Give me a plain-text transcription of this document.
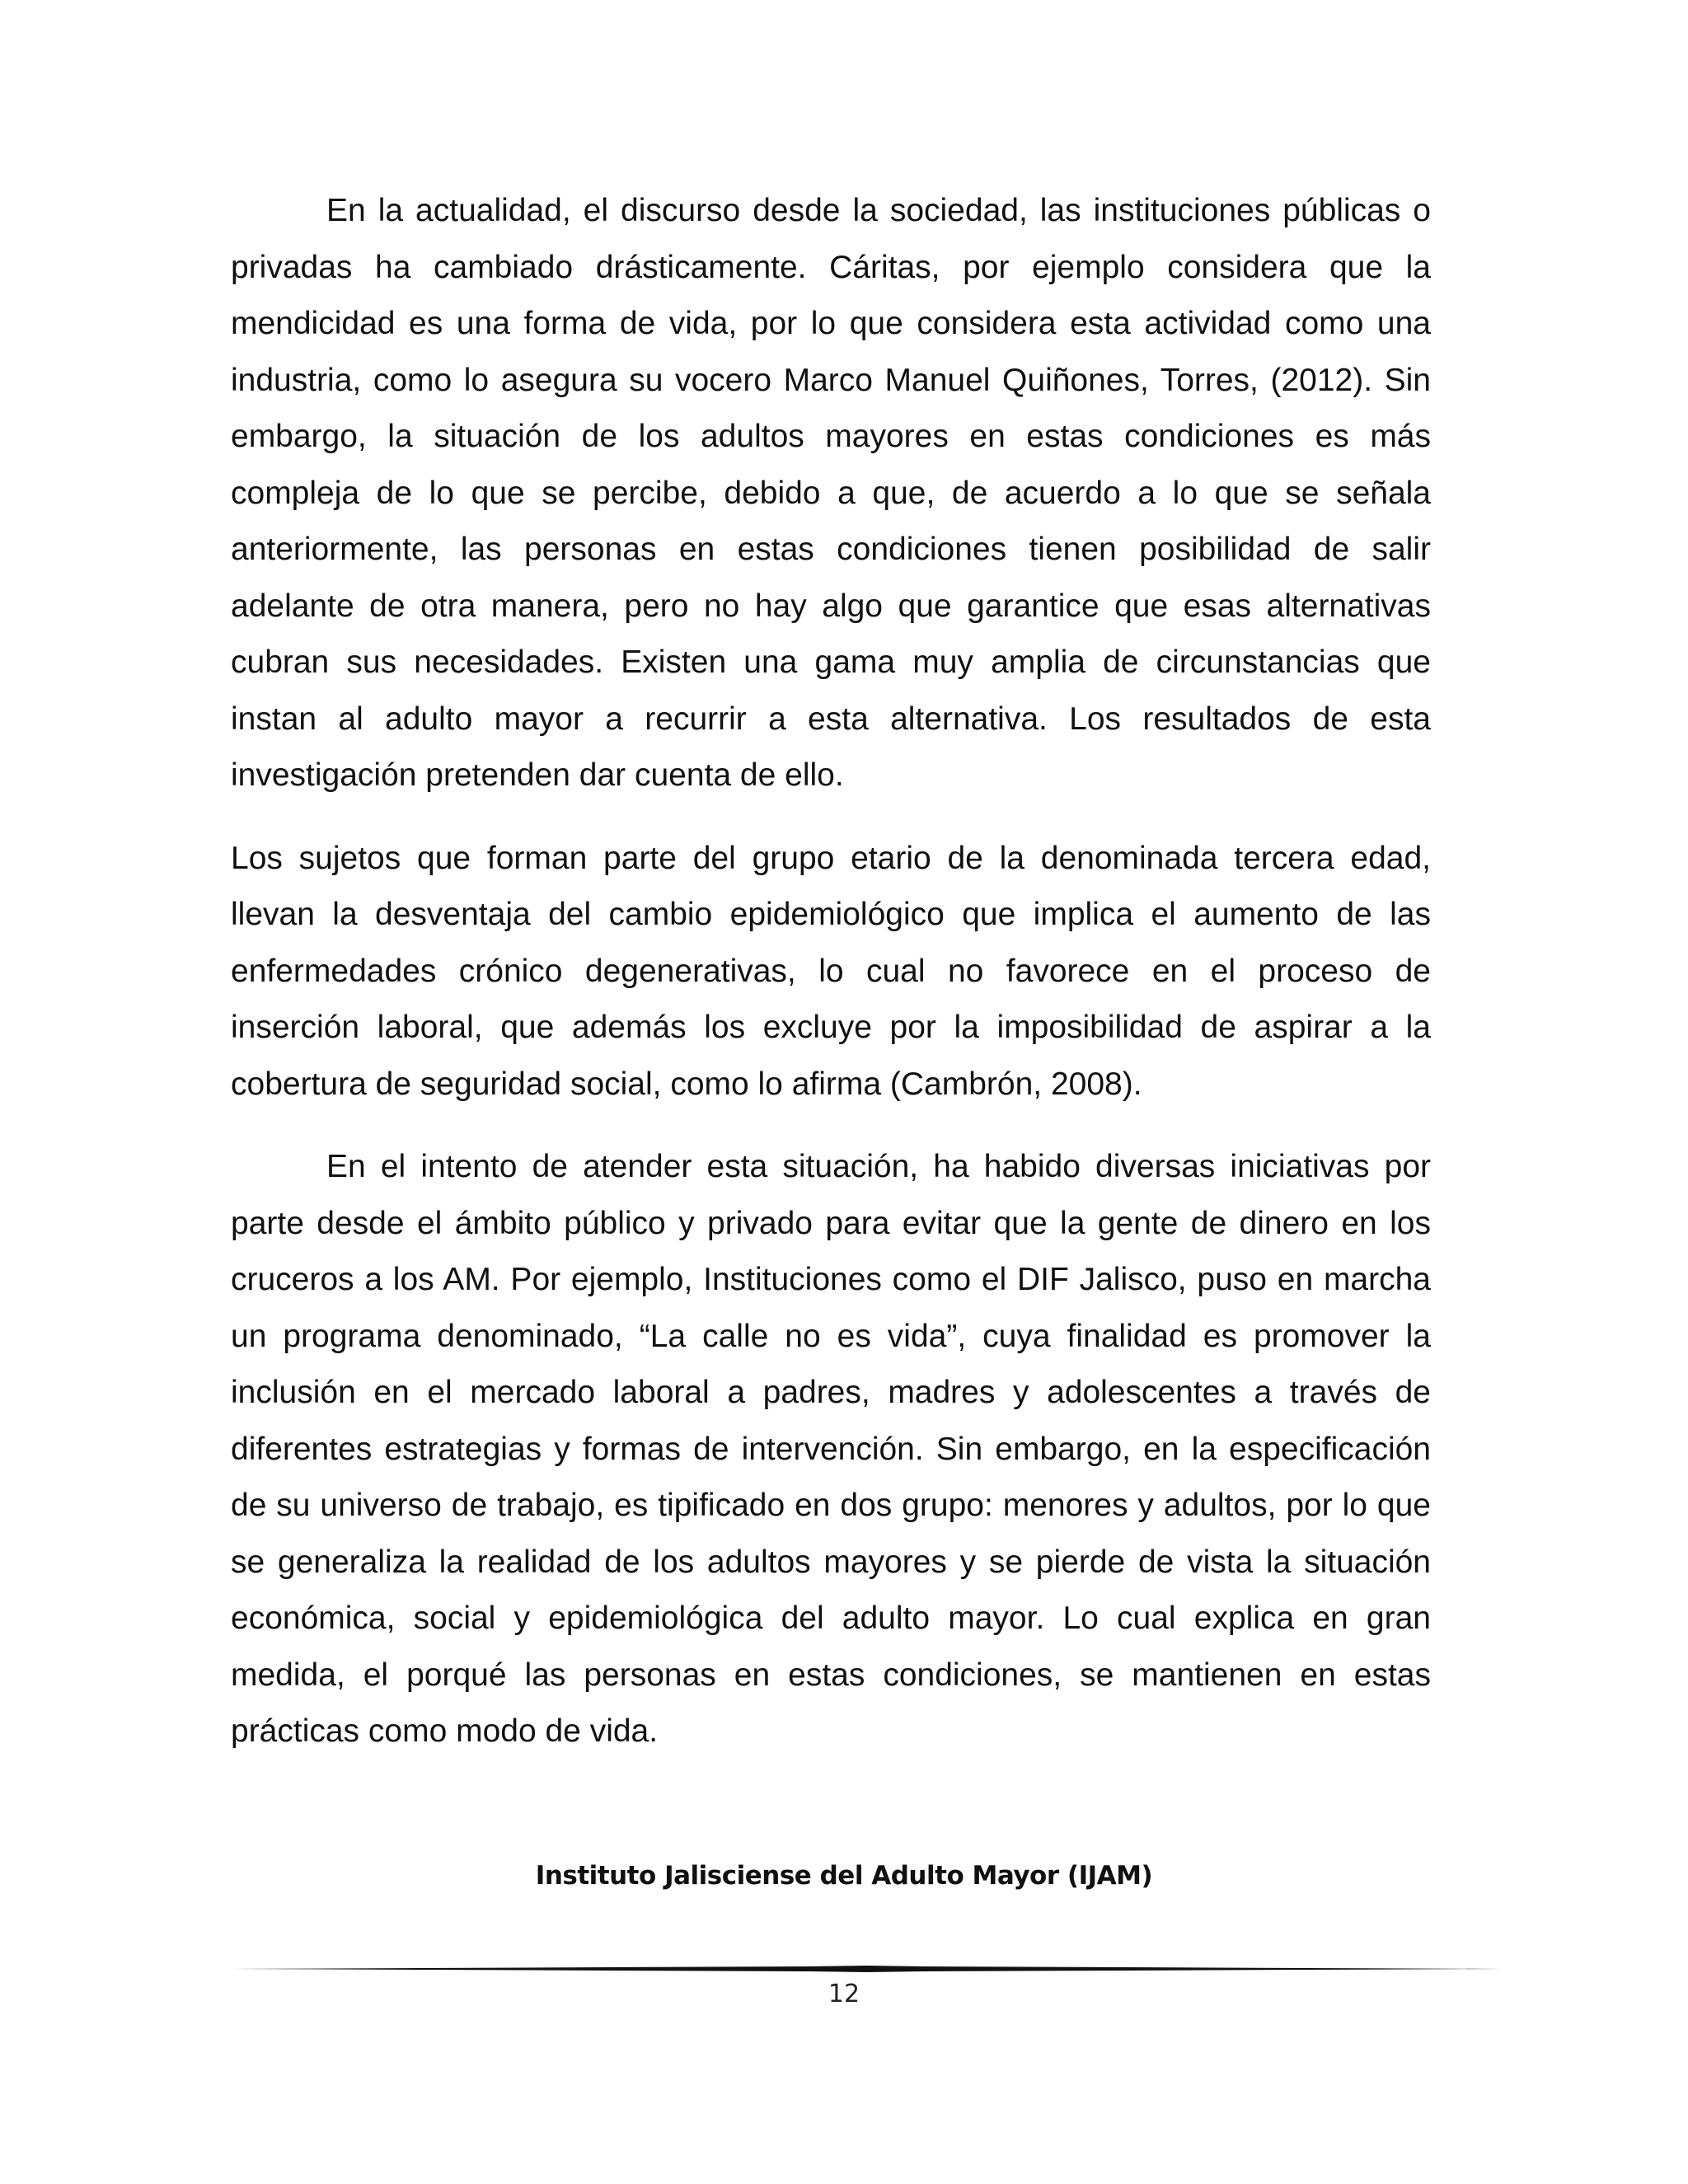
En la actualidad, el discurso desde la sociedad, las instituciones públicas o privadas ha cambiado drásticamente. Cáritas, por ejemplo considera que la mendicidad es una forma de vida, por lo que considera esta actividad como una industria, como lo asegura su vocero Marco Manuel Quiñones, Torres, (2012). Sin embargo, la situación de los adultos mayores en estas condiciones es más compleja de lo que se percibe, debido a que, de acuerdo a lo que se señala anteriormente, las personas en estas condiciones tienen posibilidad de salir adelante de otra manera, pero no hay algo que garantice que esas alternativas cubran sus necesidades. Existen una gama muy amplia de circunstancias que instan al adulto mayor a recurrir a esta alternativa. Los resultados de esta investigación pretenden dar cuenta de ello.

Los sujetos que forman parte del grupo etario de la denominada tercera edad, llevan la desventaja del cambio epidemiológico que implica el aumento de las enfermedades crónico degenerativas, lo cual no favorece en el proceso de inserción laboral, que además los excluye por la imposibilidad de aspirar a la cobertura de seguridad social, como lo afirma (Cambrón, 2008).

En el intento de atender esta situación, ha habido diversas iniciativas por parte desde el ámbito público y privado para evitar que la gente de dinero en los cruceros a los AM. Por ejemplo, Instituciones como el DIF Jalisco, puso en marcha un programa denominado, “La calle no es vida”, cuya finalidad es promover la inclusión en el mercado laboral a padres, madres y adolescentes a través de diferentes estrategias y formas de intervención. Sin embargo, en la especificación de su universo de trabajo, es tipificado en dos grupo: menores y adultos, por lo que se generaliza la realidad de los adultos mayores y se pierde de vista la situación económica, social y epidemiológica del adulto mayor. Lo cual explica en gran medida, el porqué las personas en estas condiciones, se mantienen en estas prácticas como modo de vida.

Instituto Jalisciense del Adulto Mayor (IJAM)
12
